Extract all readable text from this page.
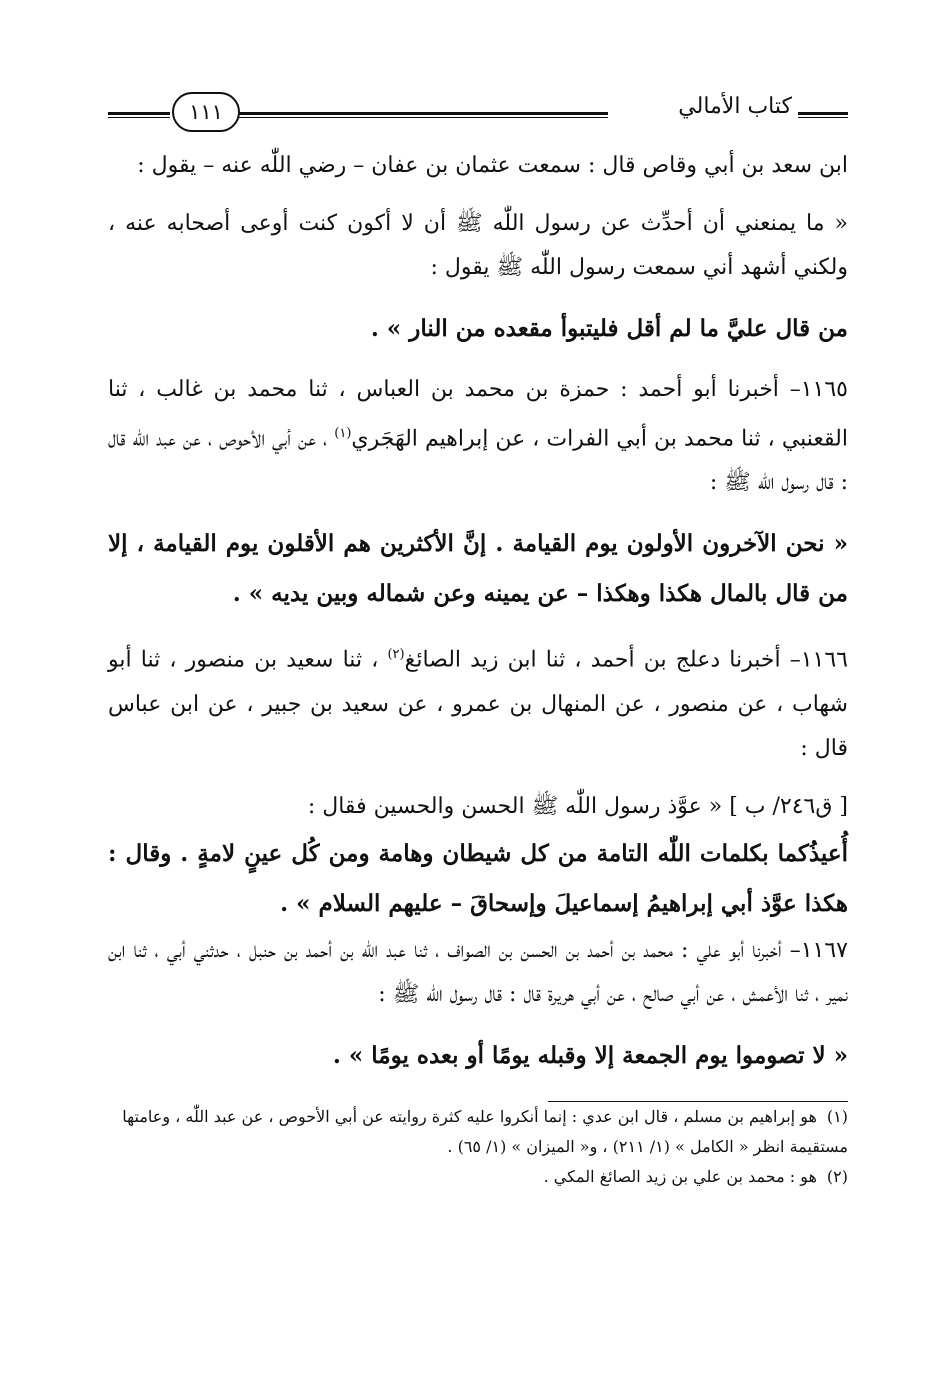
كتاب الأمالي
١١١

ابن سعد بن أبي وقاص قال : سمعت عثمان بن عفان – رضي اللّٰه عنه – يقول :

« ما يمنعني أن أحدِّث عن رسول اللّٰه ﷺ أن لا أكون كنت أوعى أصحابه عنه ، ولكني أشهد أني سمعت رسول اللّٰه ﷺ يقول :

من قال عليَّ ما لم أقل فليتبوأ مقعده من النار » .

١١٦٥– أخبرنا أبو أحمد : حمزة بن محمد بن العباس ، ثنا محمد بن غالب ، ثنا القعنبي ، ثنا محمد بن أبي الفرات ، عن إبراهيم الهَجَري$^{(١)}$ ، عن أبي الأحوص ، عن عبد اللّٰه قال : قال رسول اللّٰه ﷺ :

« نحن الآخرون الأولون يوم القيامة . إنَّ الأكثرين هم الأقلون يوم القيامة ، إلا من قال بالمال هكذا وهكذا – عن يمينه وعن شماله وبين يديه » .

١١٦٦– أخبرنا دعلج بن أحمد ، ثنا ابن زيد الصائغ$^{(٢)}$ ، ثنا سعيد بن منصور ، ثنا أبو شهاب ، عن منصور ، عن المنهال بن عمرو ، عن سعيد بن جبير ، عن ابن عباس قال :

[ ق٢٤٦/ ب ] « عوَّذ رسول اللّٰه ﷺ الحسن والحسين فقال :

أُعيذُكما بكلمات اللّٰه التامة من كل شيطان وهامة ومن كُل عينٍ لامةٍ . وقال : هكذا عوَّذ أبي إبراهيمُ إسماعيلَ وإسحاقَ – عليهم السلام » .

١١٦٧– أخبرنا أبو علي : محمد بن أحمد بن الحسن بن الصواف ، ثنا عبد اللّٰه بن أحمد بن حنبل ، حدثني أبي ، ثنا ابن نمير ، ثنا الأعمش ، عن أبي صالح ، عن أبي هريرة قال : قال رسول اللّٰه ﷺ :

« لا تصوموا يوم الجمعة إلا وقبله يومًا أو بعده يومًا » .

(١)هو إبراهيم بن مسلم ، قال ابن عدي : إنما أنكروا عليه كثرة روايته عن أبي الأحوص ، عن عبد اللّٰه ، وعامتها مستقيمة انظر « الكامل » (١/ ٢١١) ، و« الميزان » (١/ ٦٥) .

(٢)هو : محمد بن علي بن زيد الصائغ المكي .
